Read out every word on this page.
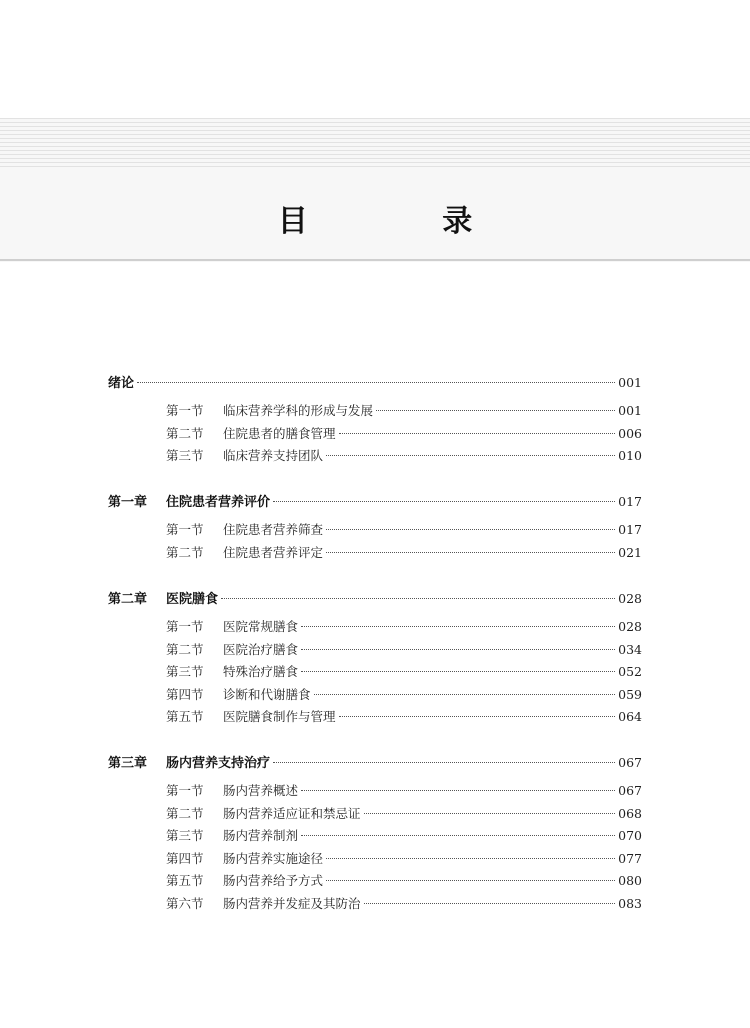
目 录
绪论	001
第一节	临床营养学科的形成与发展	001
第二节	住院患者的膳食管理	006
第三节	临床营养支持团队	010
第一章	住院患者营养评价	017
第一节	住院患者营养筛查	017
第二节	住院患者营养评定	021
第二章	医院膳食	028
第一节	医院常规膳食	028
第二节	医院治疗膳食	034
第三节	特殊治疗膳食	052
第四节	诊断和代谢膳食	059
第五节	医院膳食制作与管理	064
第三章	肠内营养支持治疗	067
第一节	肠内营养概述	067
第二节	肠内营养适应证和禁忌证	068
第三节	肠内营养制剂	070
第四节	肠内营养实施途径	077
第五节	肠内营养给予方式	080
第六节	肠内营养并发症及其防治	083
